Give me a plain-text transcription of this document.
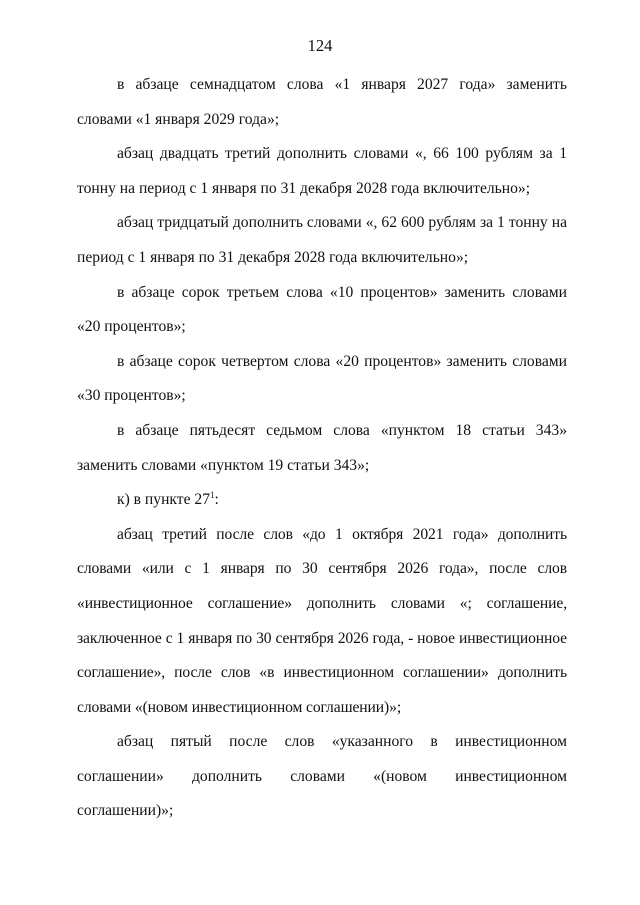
124

в абзаце семнадцатом слова «1 января 2027 года» заменить словами «1 января 2029 года»;

абзац двадцать третий дополнить словами «, 66 100 рублям за 1 тонну на период с 1 января по 31 декабря 2028 года включительно»;

абзац тридцатый дополнить словами «, 62 600 рублям за 1 тонну на период с 1 января по 31 декабря 2028 года включительно»;

в абзаце сорок третьем слова «10 процентов» заменить словами «20 процентов»;

в абзаце сорок четвертом слова «20 процентов» заменить словами «30 процентов»;

в абзаце пятьдесят седьмом слова «пунктом 18 статьи 343» заменить словами «пунктом 19 статьи 343»;

к) в пункте $27^1$:

абзац третий после слов «до 1 октября 2021 года» дополнить словами «или с 1 января по 30 сентября 2026 года», после слов «инвестиционное соглашение» дополнить словами «; соглашение, заключенное с 1 января по 30 сентября 2026 года, - новое инвестиционное соглашение», после слов «в инвестиционном соглашении» дополнить словами «(новом инвестиционном соглашении)»;

абзац пятый после слов «указанного в инвестиционном соглашении» дополнить словами «(новом инвестиционном соглашении)»;
